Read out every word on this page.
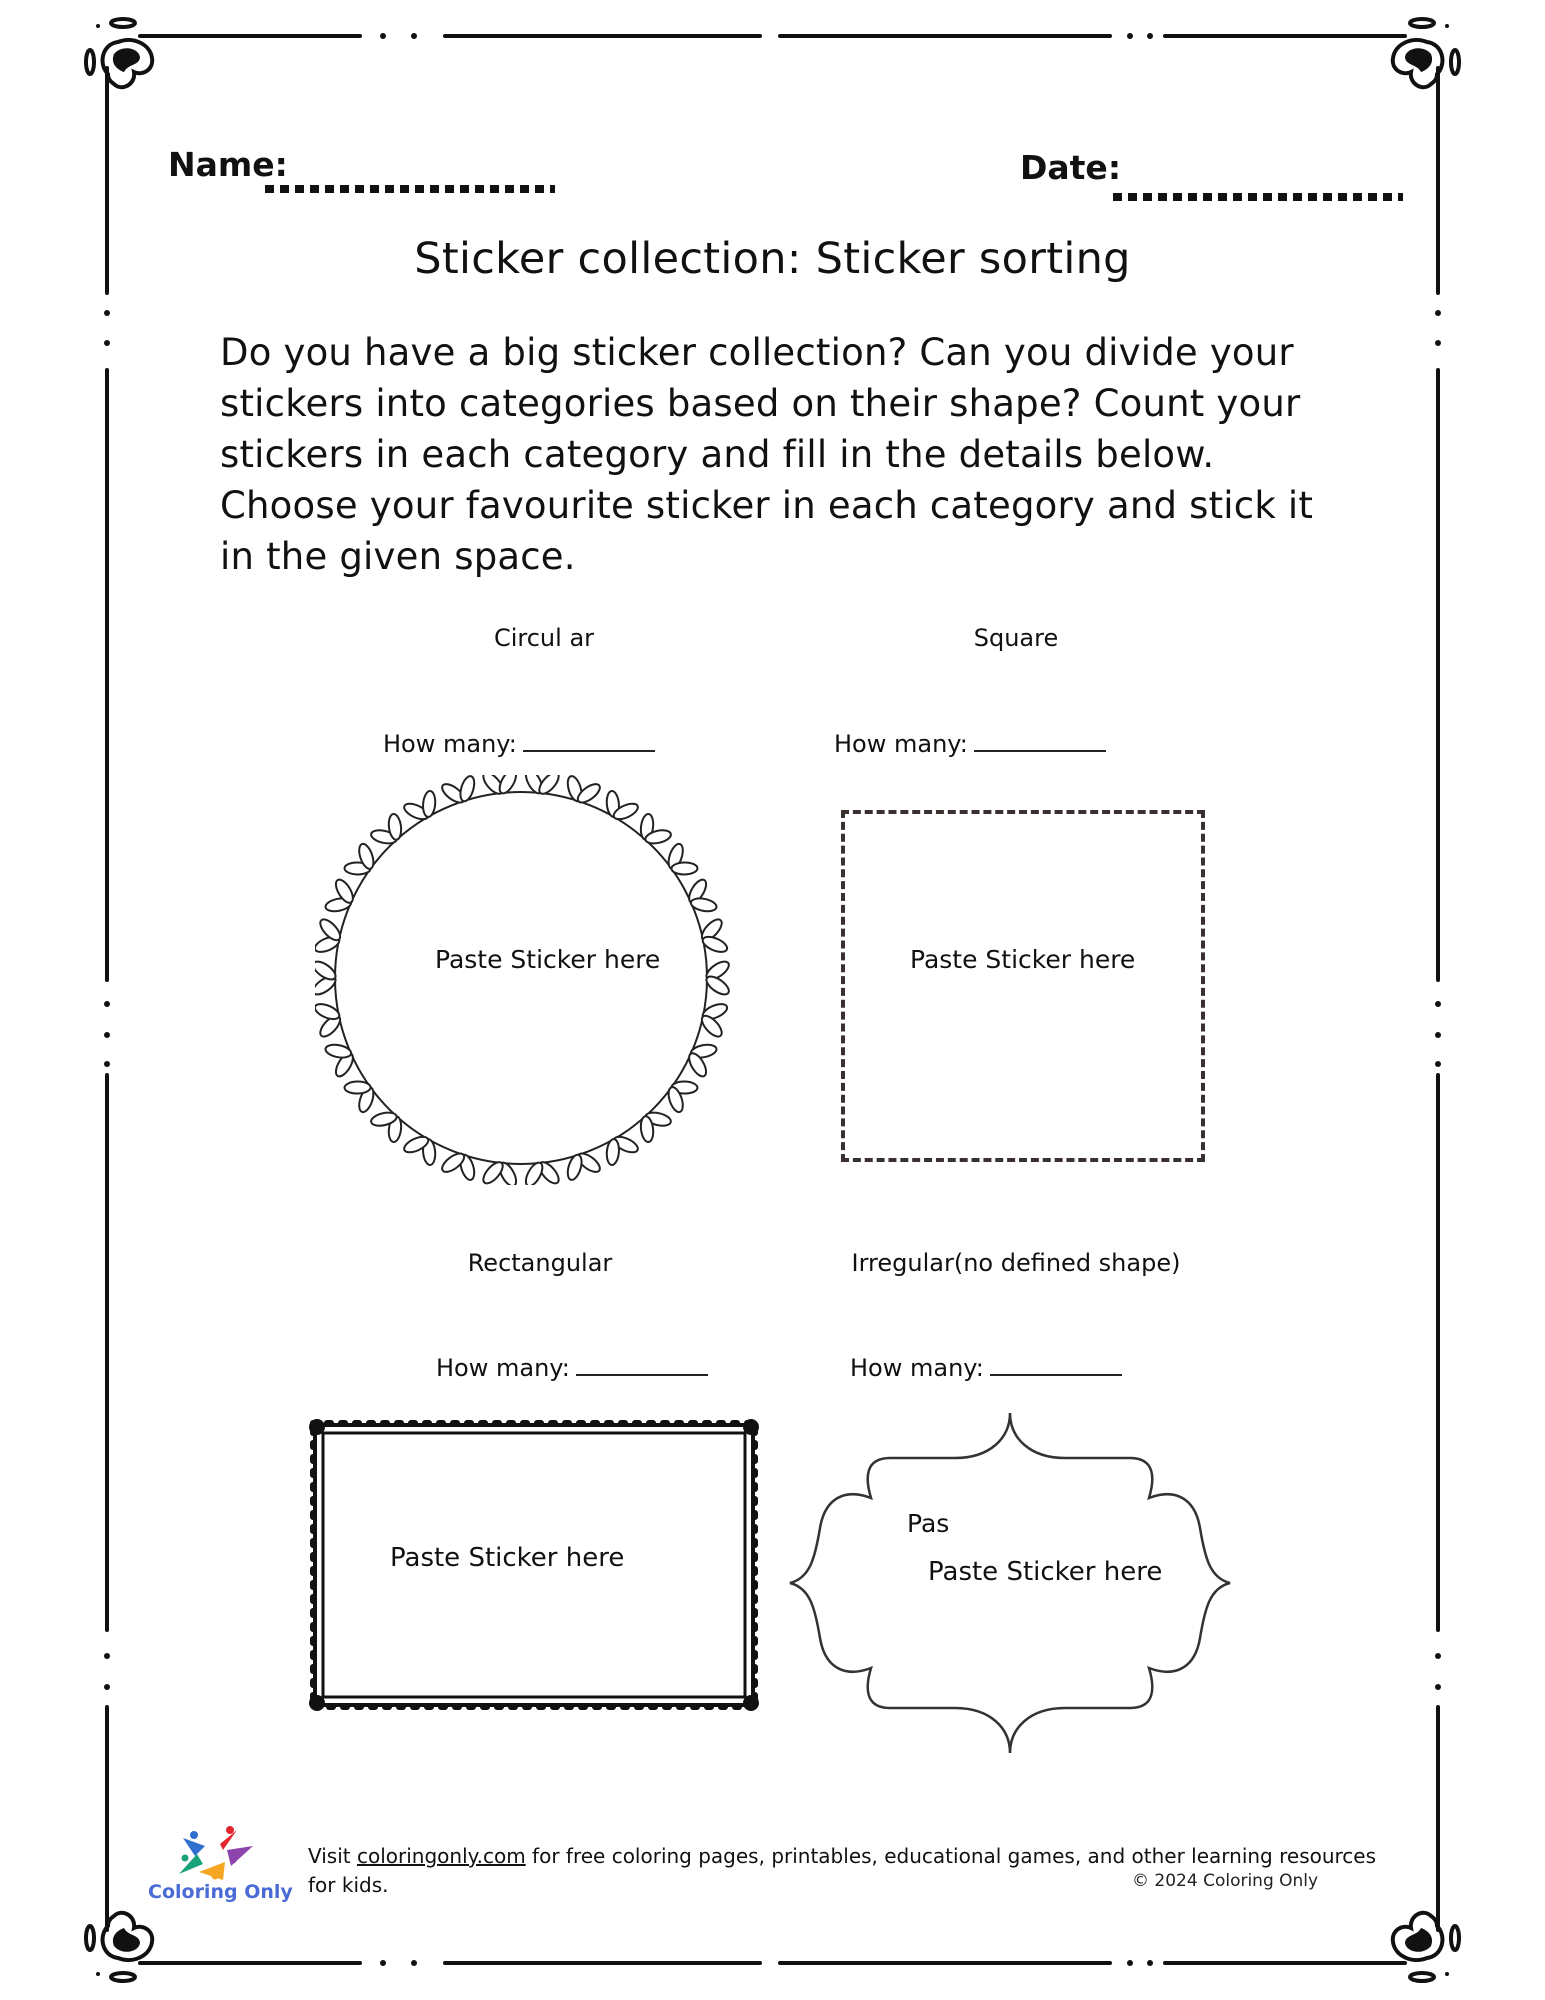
Name:	Date:
Sticker collection: Sticker sorting
Do you have a big sticker collection? Can you divide your stickers into categories based on their shape? Count your stickers in each category and fill in the details below. Choose your favourite sticker in each category and stick it in the given space.
Circul ar
How many:
Paste Sticker here
Square
How many:
Paste Sticker here
Rectangular
How many:
Paste Sticker here
Irregular(no defined shape)
How many:
Pas
Paste Sticker here
Coloring Only
Visit coloringonly.com for free coloring pages, printables, educational games, and other learning resources for kids.	© 2024 Coloring Only
